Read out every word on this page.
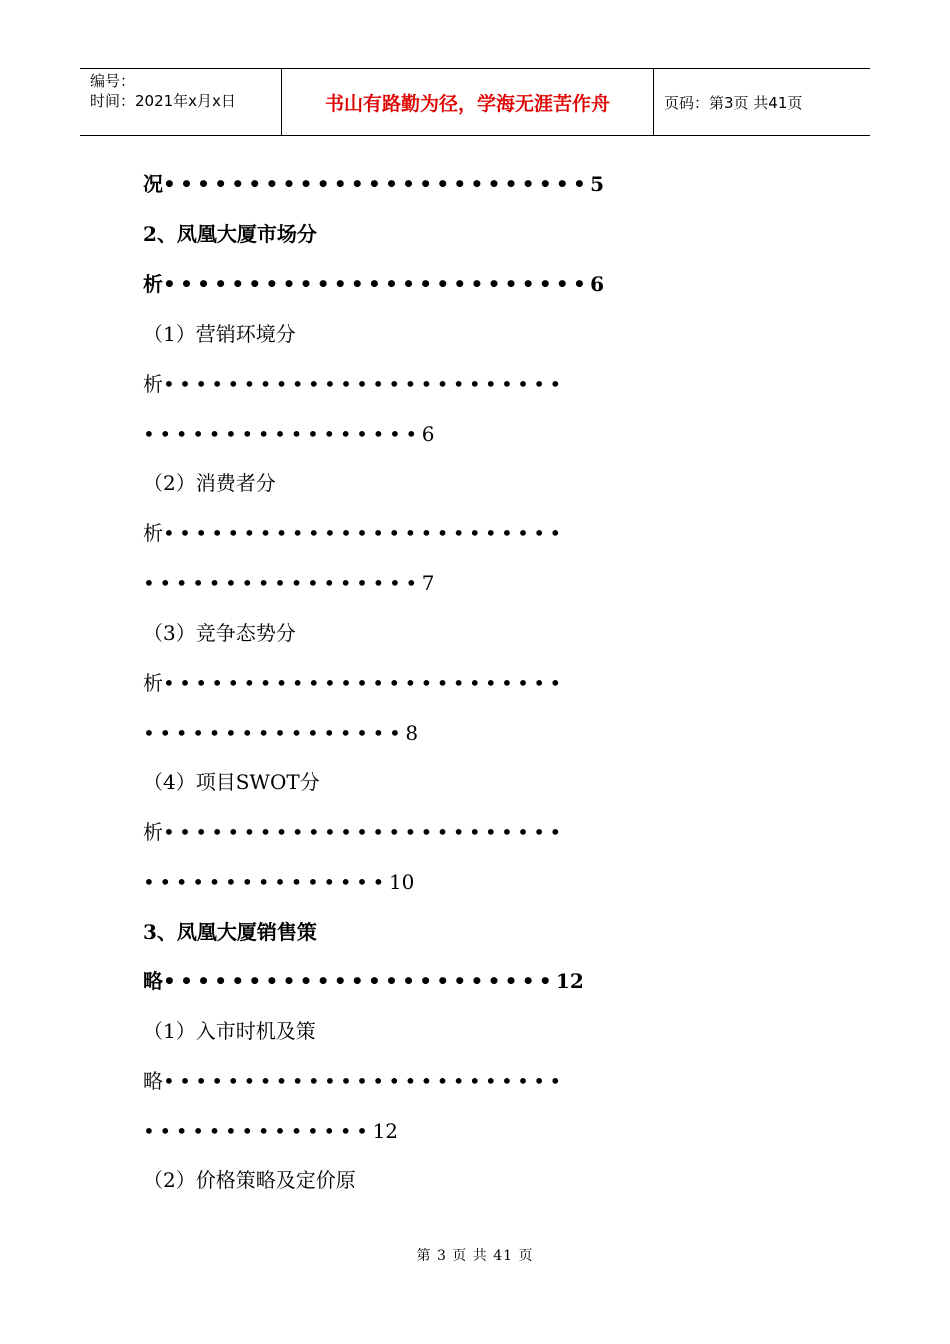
编号：
时间：2021年x月x日	书山有路勤为径，学海无涯苦作舟	页码：第3页 共41页
况•••••••••••••••••••••••••5
2、凤凰大厦市场分
析•••••••••••••••••••••••••6
（1）营销环境分
析•••••••••••••••••••••••••
•••••••••••••••••6
（2）消费者分
析•••••••••••••••••••••••••
•••••••••••••••••7
（3）竞争态势分
析•••••••••••••••••••••••••
••••••••••••••••8
（4）项目SWOT分
析•••••••••••••••••••••••••
•••••••••••••••10
3、凤凰大厦销售策
略•••••••••••••••••••••••12
（1）入市时机及策
略•••••••••••••••••••••••••
••••••••••••••12
（2）价格策略及定价原
第 3 页 共 41 页
